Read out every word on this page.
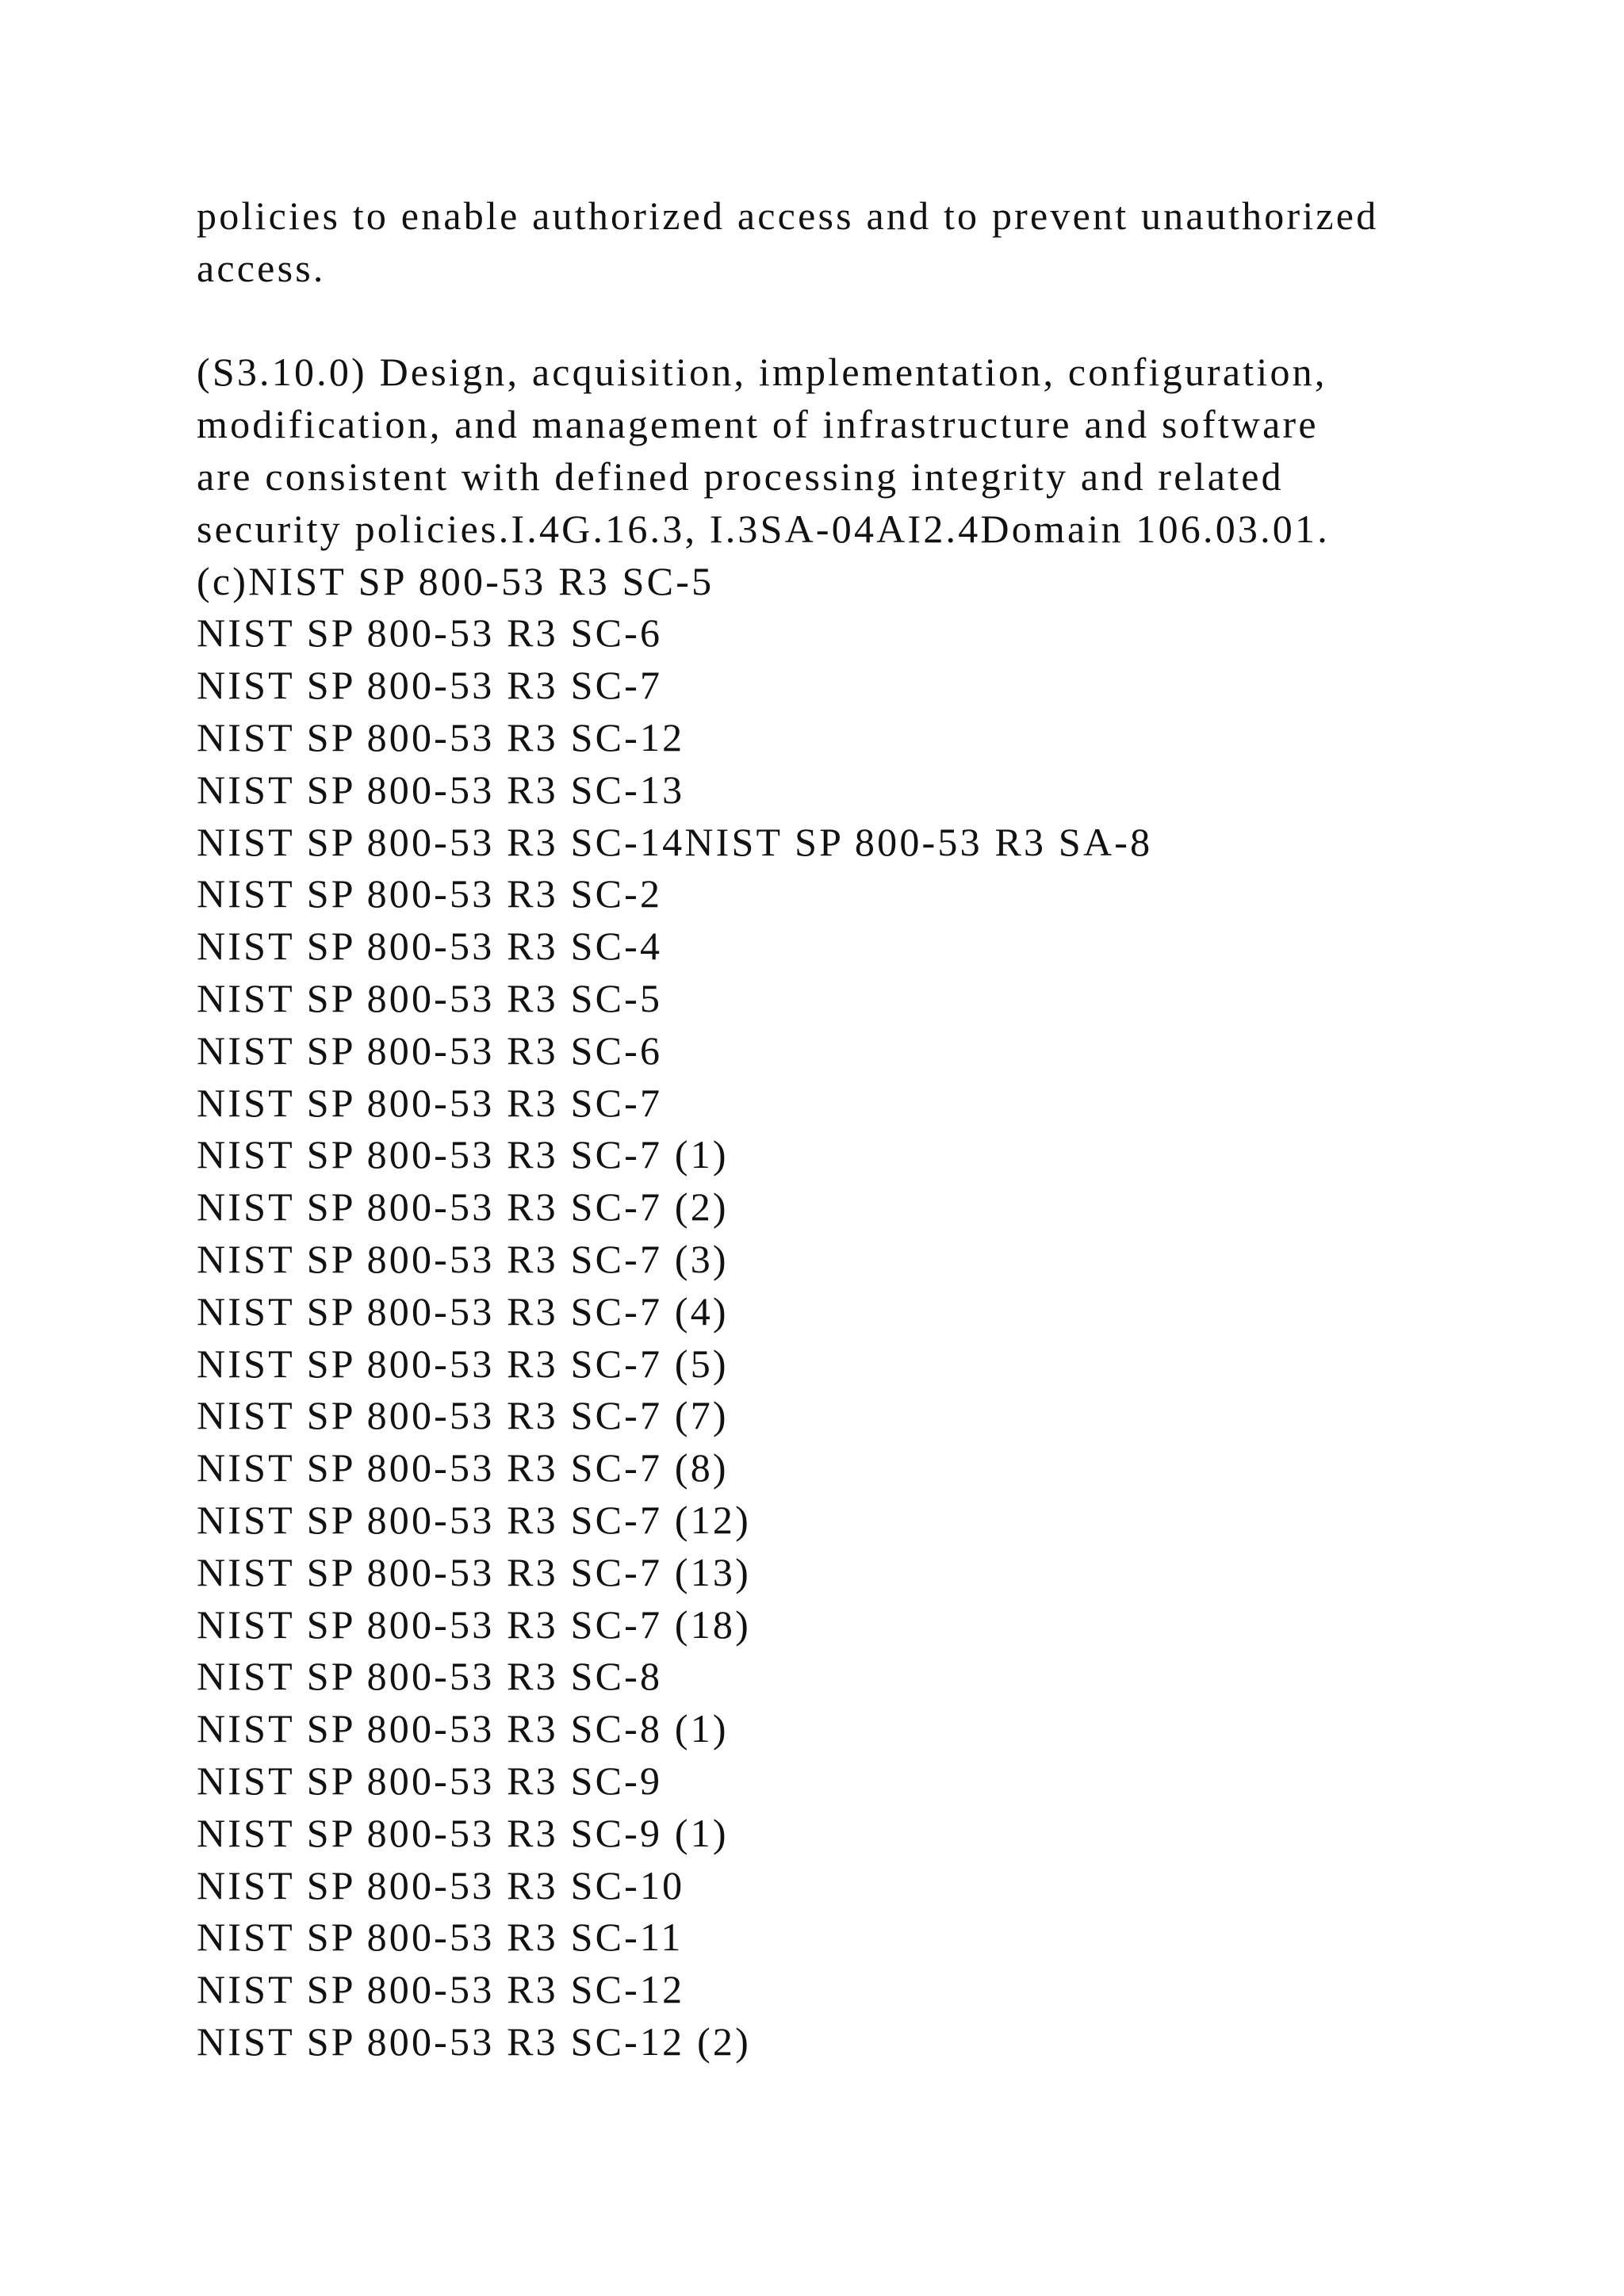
policies to enable authorized access and to prevent unauthorized
access.
(S3.10.0) Design, acquisition, implementation, configuration,
modification, and management of infrastructure and software
are consistent with defined processing integrity and related
security policies.I.4G.16.3, I.3SA-04AI2.4Domain 106.03.01.
(c)NIST SP 800-53 R3 SC-5
NIST SP 800-53 R3 SC-6
NIST SP 800-53 R3 SC-7
NIST SP 800-53 R3 SC-12
NIST SP 800-53 R3 SC-13
NIST SP 800-53 R3 SC-14NIST SP 800-53 R3 SA-8
NIST SP 800-53 R3 SC-2
NIST SP 800-53 R3 SC-4
NIST SP 800-53 R3 SC-5
NIST SP 800-53 R3 SC-6
NIST SP 800-53 R3 SC-7
NIST SP 800-53 R3 SC-7 (1)
NIST SP 800-53 R3 SC-7 (2)
NIST SP 800-53 R3 SC-7 (3)
NIST SP 800-53 R3 SC-7 (4)
NIST SP 800-53 R3 SC-7 (5)
NIST SP 800-53 R3 SC-7 (7)
NIST SP 800-53 R3 SC-7 (8)
NIST SP 800-53 R3 SC-7 (12)
NIST SP 800-53 R3 SC-7 (13)
NIST SP 800-53 R3 SC-7 (18)
NIST SP 800-53 R3 SC-8
NIST SP 800-53 R3 SC-8 (1)
NIST SP 800-53 R3 SC-9
NIST SP 800-53 R3 SC-9 (1)
NIST SP 800-53 R3 SC-10
NIST SP 800-53 R3 SC-11
NIST SP 800-53 R3 SC-12
NIST SP 800-53 R3 SC-12 (2)
